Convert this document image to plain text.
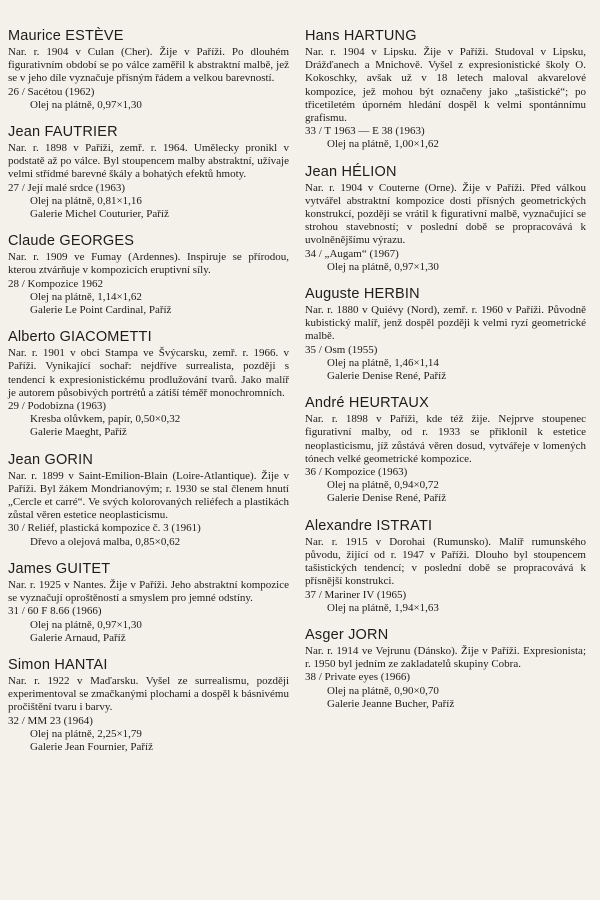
Maurice ESTÈVE

Nar. r. 1904 v Culan (Cher). Žije v Paříži. Po dlouhém figurativním období se po válce zaměřil k abstraktní malbě, jež se v jeho díle vyznačuje přísným řádem a velkou barevností.

26 / Sacétou (1962)

Olej na plátně, 0,97×1,30

Jean FAUTRIER

Nar. r. 1898 v Paříži, zemř. r. 1964. Umělecky pronikl v podstatě až po válce. Byl stoupencem malby abstraktní, užívaje velmi střídmé barevné škály a bohatých efektů hmoty.

27 / Její malé srdce (1963)

Olej na plátně, 0,81×1,16

Galerie Michel Couturier, Paříž

Claude GEORGES

Nar. r. 1909 ve Fumay (Ardennes). Inspiruje se přírodou, kterou ztvárňuje v kompozicích eruptivní síly.

28 / Kompozice 1962

Olej na plátně, 1,14×1,62

Galerie Le Point Cardinal, Paříž

Alberto GIACOMETTI

Nar. r. 1901 v obci Stampa ve Švýcarsku, zemř. r. 1966. v Paříži. Vynikající sochař: nejdříve surrealista, později s tendencí k expresionistickému prodlužování tvarů. Jako malíř je autorem působivých portrétů a zátiší téměř monochromních.

29 / Podobizna (1963)

Kresba olůvkem, papír, 0,50×0,32

Galerie Maeght, Paříž

Jean GORIN

Nar. r. 1899 v Saint-Emilion-Blain (Loire-Atlantique). Žije v Paříži. Byl žákem Mondrianovým; r. 1930 se stal členem hnutí „Cercle et carré“. Ve svých kolorovaných reliéfech a plastikách zůstal věren estetice neoplasticismu.

30 / Reliéf, plastická kompozice č. 3 (1961)

Dřevo a olejová malba, 0,85×0,62

James GUITET

Nar. r. 1925 v Nantes. Žije v Paříži. Jeho abstraktní kompozice se vyznačují oproštěností a smyslem pro jemné odstíny.

31 / 60 F 8.66 (1966)

Olej na plátně, 0,97×1,30

Galerie Arnaud, Paříž

Simon HANTAI

Nar. r. 1922 v Maďarsku. Vyšel ze surrealismu, později experimentoval se zmačkanými plochami a dospěl k básnivému pročištění tvaru i barvy.

32 / MM 23 (1964)

Olej na plátně, 2,25×1,79

Galerie Jean Fournier, Paříž

Hans HARTUNG

Nar. r. 1904 v Lipsku. Žije v Paříži. Studoval v Lipsku, Drážďanech a Mnichově. Vyšel z expresionistické školy O. Kokoschky, avšak už v 18 letech maloval akvarelové kompozice, jež mohou být označeny jako „tašistické“; po třicetiletém úporném hledání dospěl k velmi spontánnímu grafismu.

33 / T 1963 — E 38 (1963)

Olej na plátně, 1,00×1,62

Jean HÉLION

Nar. r. 1904 v Couterne (Orne). Žije v Paříži. Před válkou vytvářel abstraktní kompozice dosti přísných geometrických konstrukcí, později se vrátil k figurativní malbě, vyznačující se strohou stavebností; v poslední době se propracovává k uvolněnějšímu výrazu.

34 / „Augam“ (1967)

Olej na plátně, 0,97×1,30

Auguste HERBIN

Nar. r. 1880 v Quiévy (Nord), zemř. r. 1960 v Paříži. Původně kubistický malíř, jenž dospěl později k velmi ryzí geometrické malbě.

35 / Osm (1955)

Olej na plátně, 1,46×1,14

Galerie Denise René, Paříž

André HEURTAUX

Nar. r. 1898 v Paříži, kde též žije. Nejprve stoupenec figurativní malby, od r. 1933 se přiklonil k estetice neoplasticismu, jíž zůstává věren dosud, vytvářeje v lomených tónech velké geometrické kompozice.

36 / Kompozice (1963)

Olej na plátně, 0,94×0,72

Galerie Denise René, Paříž

Alexandre ISTRATI

Nar. r. 1915 v Dorohai (Rumunsko). Malíř rumunského původu, žijící od r. 1947 v Paříži. Dlouho byl stoupencem tašistických tendencí; v poslední době se propracovává k přísnější konstrukci.

37 / Mariner IV (1965)

Olej na plátně, 1,94×1,63

Asger JORN

Nar. r. 1914 ve Vejrunu (Dánsko). Žije v Paříži. Expresionista; r. 1950 byl jedním ze zakladatelů skupiny Cobra.

38 / Private eyes (1966)

Olej na plátně, 0,90×0,70

Galerie Jeanne Bucher, Paříž
